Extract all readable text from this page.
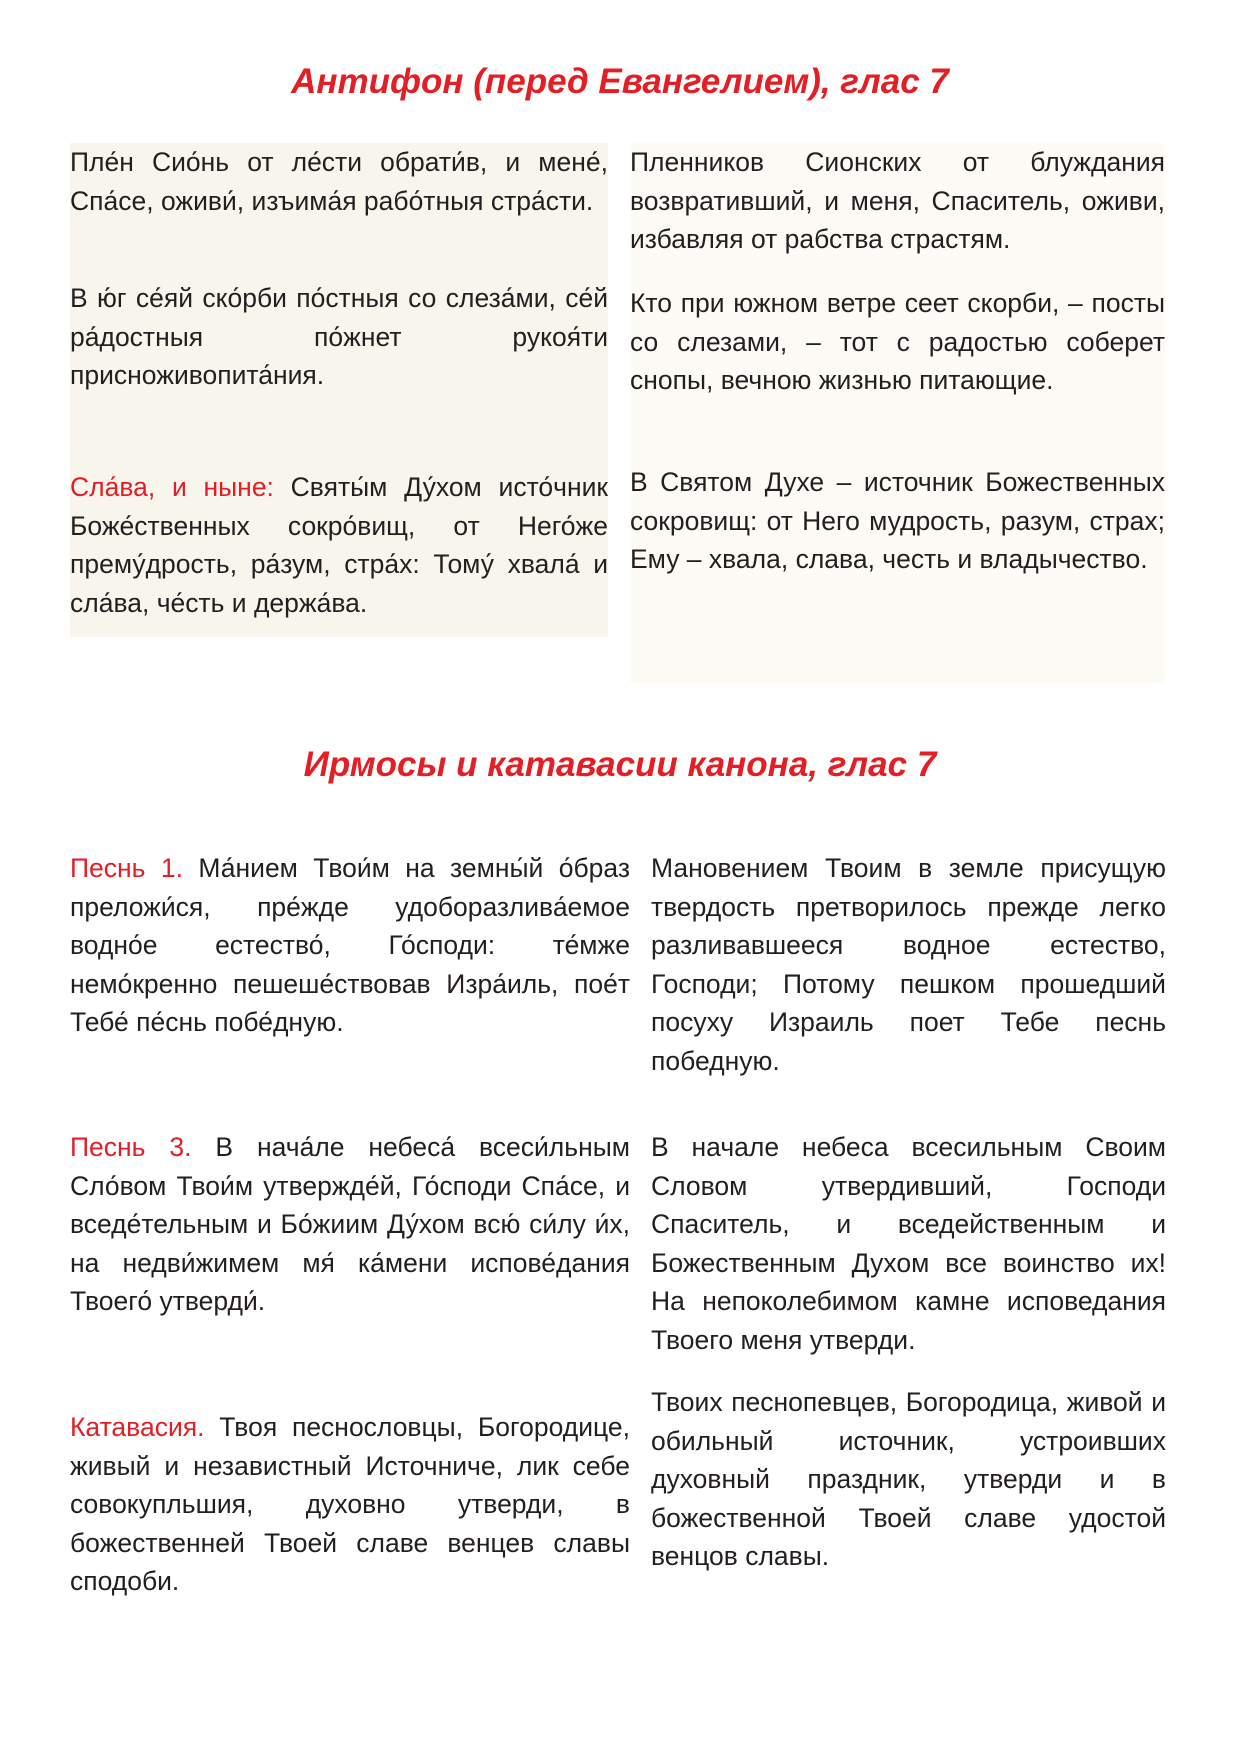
Антифон (перед Евангелием), глас 7

Пле́н Сио́нь от ле́сти обрати́в, и мене́, Спа́се, оживи́, изъима́я рабо́тныя стра́сти.

В ю́г се́яй ско́рби по́стныя со слеза́ми, се́й ра́достныя по́жнет рукоя́ти присноживопита́ния.

Сла́ва, и ныне: Святы́м Ду́хом исто́чник Боже́ственных сокро́вищ, от Него́же прему́дрость, ра́зум, стра́х: Тому́ хвала́ и сла́ва, че́сть и держа́ва.

Пленников Сионских от блуждания возвративший, и меня, Спаситель, оживи, избавляя от рабства страстям.

Кто при южном ветре сеет скорби, – посты со слезами, – тот с радостью соберет снопы, вечною жизнью питающие.

В Святом Духе – источник Божественных сокровищ: от Него мудрость, разум, страх; Ему – хвала, слава, честь и владычество.

Ирмосы и катавасии канона, глас 7

Песнь 1. Ма́нием Твои́м на земны́й о́браз преложи́ся, пре́жде удоборазлива́емое водно́е естество́, Го́споди: те́мже немо́кренно пешеше́ствовав Изра́иль, пое́т Тебе́ пе́снь побе́дную.

Песнь 3. В нача́ле небеса́ всеси́льным Сло́вом Твои́м утвержде́й, Го́споди Спа́се, и вседе́тельным и Бо́жиим Ду́хом всю́ си́лу и́х, на недви́жимем мя́ ка́мени испове́дания Твоего́ утверди́.

Катавасия. Твоя песнословцы, Богородице, живый и независтный Источниче, лик себе совокупльшия, духовно утверди, в божественней Твоей славе венцев славы сподоби.

Мановением Твоим в земле присущую твердость претворилось прежде легко разливавшееся водное естество, Господи; Потому пешком прошедший посуху Израиль поет Тебе песнь победную.

В начале небеса всесильным Своим Словом утвердивший, Господи Спаситель, и вседейственным и Божественным Духом все воинство их! На непоколебимом камне исповедания Твоего меня утверди.

Твоих песнопевцев, Богородица, живой и обильный источник, устроивших духовный праздник, утверди и в божественной Твоей славе удостой венцов славы.
